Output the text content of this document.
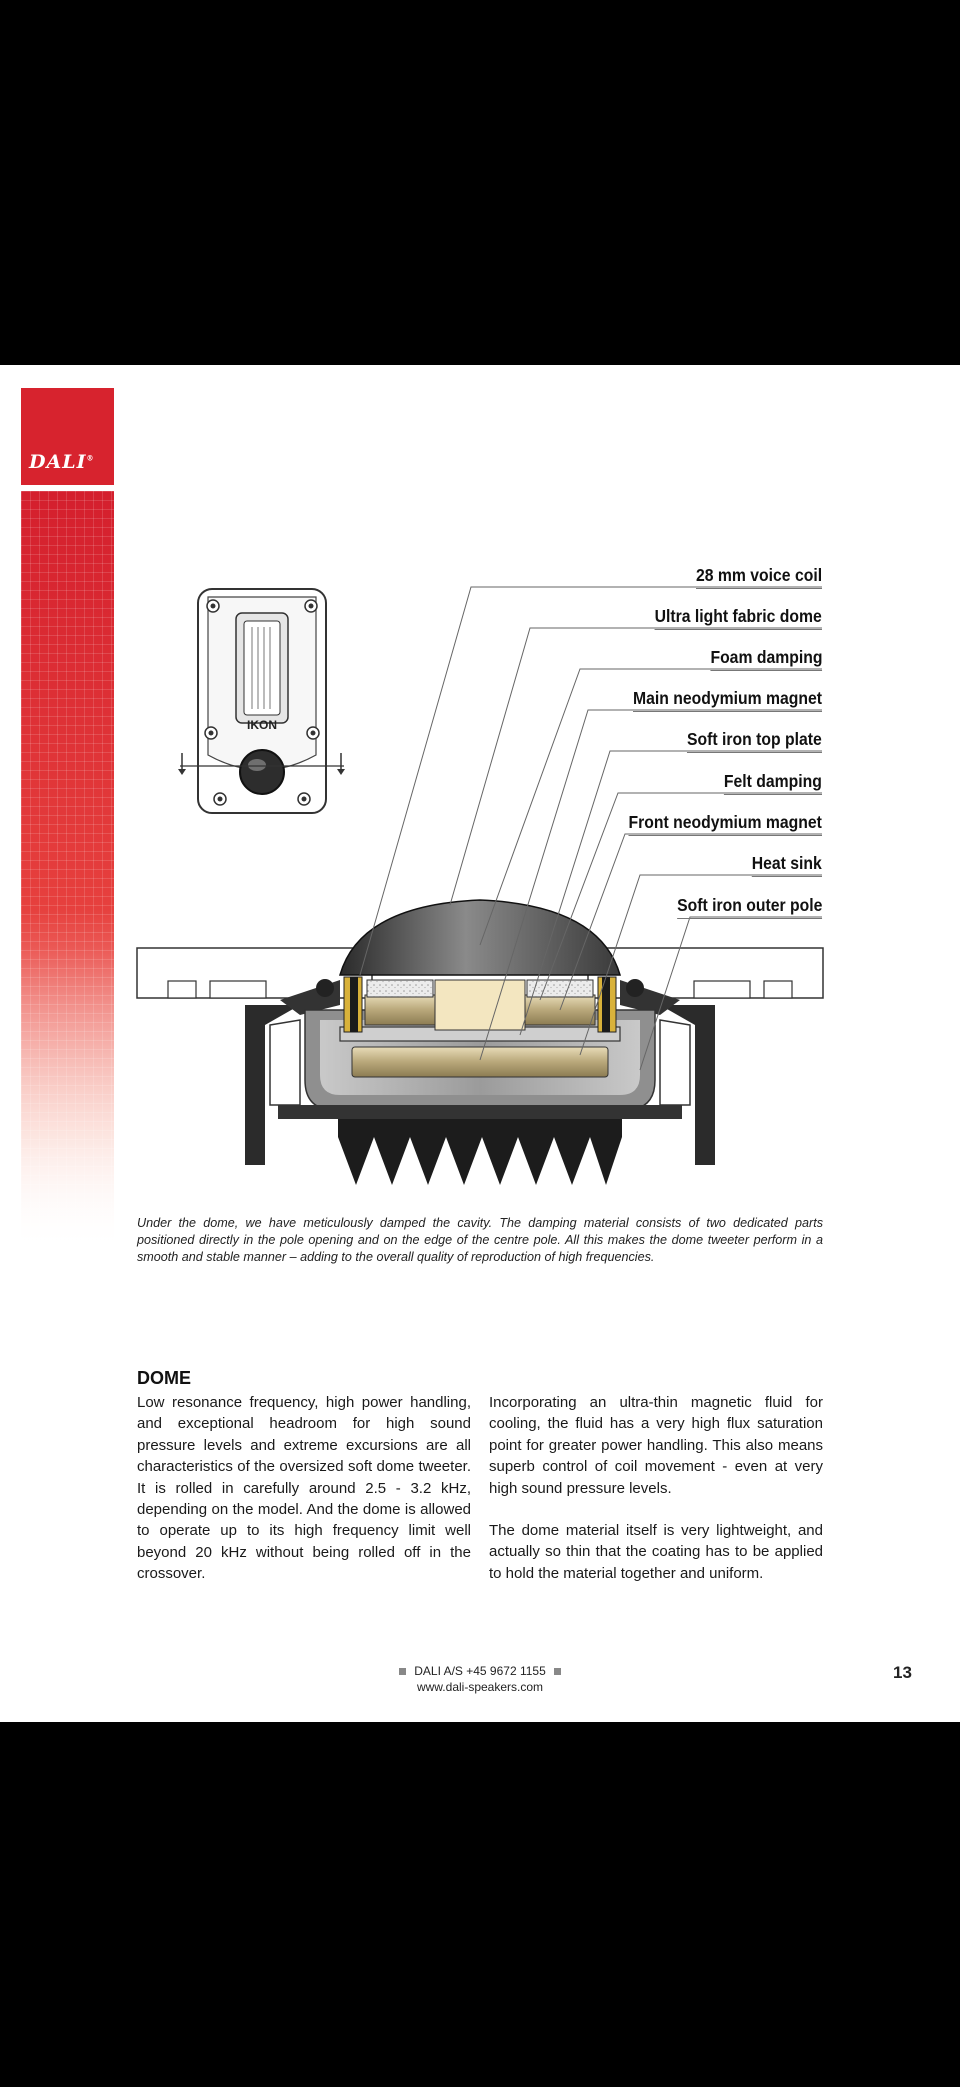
DALI®
IKON
28 mm voice coil
Ultra light fabric dome
Foam damping
Main neodymium magnet
Soft iron top plate
Felt damping
Front neodymium magnet
Heat sink
Soft iron outer pole
Under the dome, we have meticulously damped the cavity. The damping material consists of two dedicated parts positioned directly in the pole opening and on the edge of the centre pole. All this makes the dome tweeter perform in a smooth and stable manner – adding to the overall quality of reproduction of high frequencies.
DOME

Low resonance frequency, high power handling, and exceptional headroom for high sound pressure levels and extreme excursions are all characteristics of the oversized soft dome tweeter. It is rolled in carefully around 2.5 - 3.2 kHz, depending on the model. And the dome is allowed to operate up to its high frequency limit well beyond 20 kHz without being rolled off in the crossover.

Incorporating an ultra-thin magnetic fluid for cooling, the fluid has a very high flux saturation point for greater power handling. This also means superb control of coil movement - even at very high sound pressure levels.

The dome material itself is very lightweight, and actually so thin that the coating has to be applied to hold the material together and uniform.

DALI A/S +45 9672 1155
www.dali-speakers.com
13
